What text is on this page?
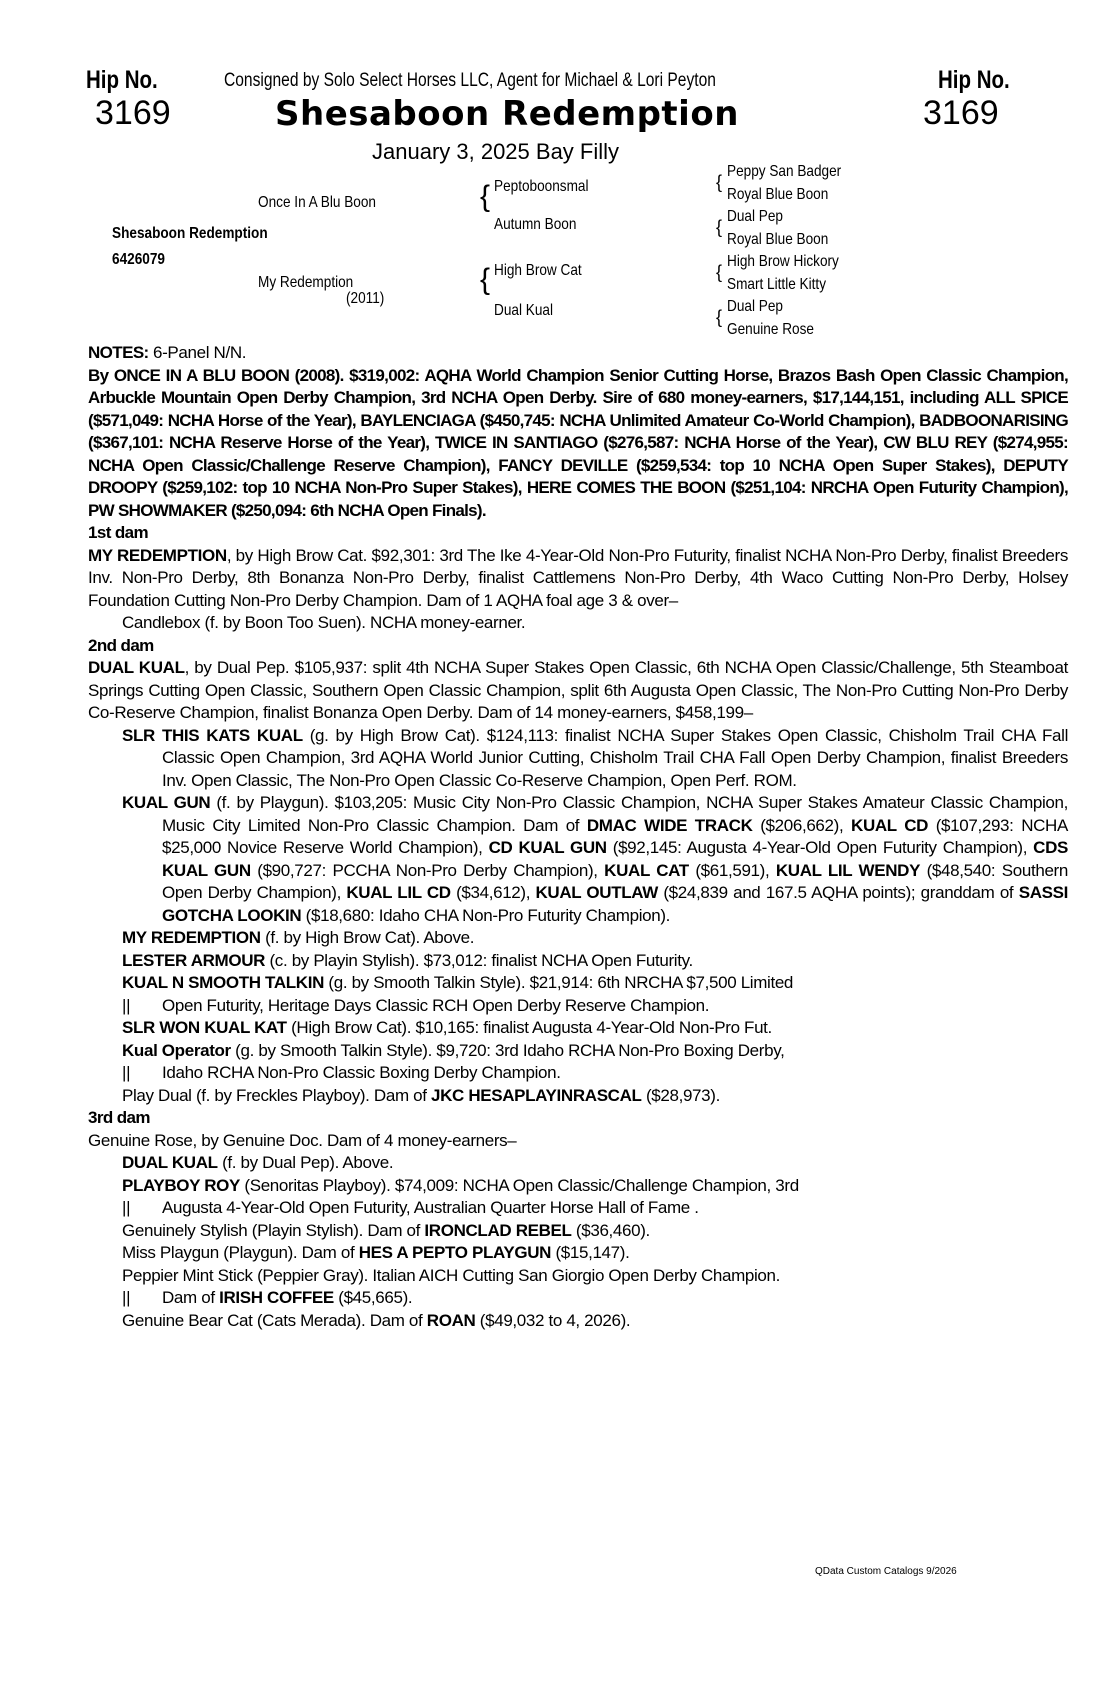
Hip No.
3169
Consigned by Solo Select Horses LLC, Agent for Michael & Lori Peyton
Shesaboon Redemption
Hip No.
3169
January 3, 2025 Bay Filly
Shesaboon Redemption
6426079
Once In A Blu Boon
My Redemption
(2011)
{ Peptoboonsmal
Autumn Boon
{ High Brow Cat
Dual Kual
{
Peppy San Badger
Royal Blue Boon
{
Dual Pep
Royal Blue Boon
{
High Brow Hickory
Smart Little Kitty
{
Dual Pep
Genuine Rose

NOTES: 6-Panel N/N.

By ONCE IN A BLU BOON (2008). $319,002: AQHA World Champion Senior Cutting Horse, Brazos Bash Open Classic Champion, Arbuckle Mountain Open Derby Champion, 3rd NCHA Open Derby. Sire of 680 money-earners, $17,144,151, including ALL SPICE ($571,049: NCHA Horse of the Year), BAYLENCIAGA ($450,745: NCHA Unlimited Amateur Co-World Champion), BADBOONARISING ($367,101: NCHA Reserve Horse of the Year), TWICE IN SANTIAGO ($276,587: NCHA Horse of the Year), CW BLU REY ($274,955: NCHA Open Classic/Challenge Reserve Champion), FANCY DEVILLE ($259,534: top 10 NCHA Open Super Stakes), DEPUTY DROOPY ($259,102: top 10 NCHA Non-Pro Super Stakes), HERE COMES THE BOON ($251,104: NRCHA Open Futurity Champion), PW SHOWMAKER ($250,094: 6th NCHA Open Finals).

1st dam

MY REDEMPTION, by High Brow Cat. $92,301: 3rd The Ike 4-Year-Old Non-Pro Futurity, finalist NCHA Non-Pro Derby, finalist Breeders Inv. Non-Pro Derby, 8th Bonanza Non-Pro Derby, finalist Cattlemens Non-Pro Derby, 4th Waco Cutting Non-Pro Derby, Holsey Foundation Cutting Non-Pro Derby Champion. Dam of 1 AQHA foal age 3 & over–

Candlebox (f. by Boon Too Suen). NCHA money-earner.

2nd dam

DUAL KUAL, by Dual Pep. $105,937: split 4th NCHA Super Stakes Open Classic, 6th NCHA Open Classic/Challenge, 5th Steamboat Springs Cutting Open Classic, Southern Open Classic Champion, split 6th Augusta Open Classic, The Non-Pro Cutting Non-Pro Derby Co-Reserve Champion, finalist Bonanza Open Derby. Dam of 14 money-earners, $458,199–

SLR THIS KATS KUAL (g. by High Brow Cat). $124,113: finalist NCHA Super Stakes Open Classic, Chisholm Trail CHA Fall Classic Open Champion, 3rd AQHA World Junior Cutting, Chisholm Trail CHA Fall Open Derby Champion, finalist Breeders Inv. Open Classic, The Non-Pro Open Classic Co-Reserve Champion, Open Perf. ROM.

KUAL GUN (f. by Playgun). $103,205: Music City Non-Pro Classic Champion, NCHA Super Stakes Amateur Classic Champion, Music City Limited Non-Pro Classic Champion. Dam of DMAC WIDE TRACK ($206,662), KUAL CD ($107,293: NCHA $25,000 Novice Reserve World Champion), CD KUAL GUN ($92,145: Augusta 4-Year-Old Open Futurity Champion), CDS KUAL GUN ($90,727: PCCHA Non-Pro Derby Champion), KUAL CAT ($61,591), KUAL LIL WENDY ($48,540: Southern Open Derby Champion), KUAL LIL CD ($34,612), KUAL OUTLAW ($24,839 and 167.5 AQHA points); granddam of SASSI GOTCHA LOOKIN ($18,680: Idaho CHA Non-Pro Futurity Champion).

MY REDEMPTION (f. by High Brow Cat). Above.

LESTER ARMOUR (c. by Playin Stylish). $73,012: finalist NCHA Open Futurity.

KUAL N SMOOTH TALKIN (g. by Smooth Talkin Style). $21,914: 6th NRCHA $7,500 Limited

|| Open Futurity, Heritage Days Classic RCH Open Derby Reserve Champion.

SLR WON KUAL KAT (High Brow Cat). $10,165: finalist Augusta 4-Year-Old Non-Pro Fut.

Kual Operator (g. by Smooth Talkin Style). $9,720: 3rd Idaho RCHA Non-Pro Boxing Derby,

|| Idaho RCHA Non-Pro Classic Boxing Derby Champion.

Play Dual (f. by Freckles Playboy). Dam of JKC HESAPLAYINRASCAL ($28,973).

3rd dam

Genuine Rose, by Genuine Doc. Dam of 4 money-earners–

DUAL KUAL (f. by Dual Pep). Above.

PLAYBOY ROY (Senoritas Playboy). $74,009: NCHA Open Classic/Challenge Champion, 3rd

|| Augusta 4-Year-Old Open Futurity, Australian Quarter Horse Hall of Fame .

Genuinely Stylish (Playin Stylish). Dam of IRONCLAD REBEL ($36,460).

Miss Playgun (Playgun). Dam of HES A PEPTO PLAYGUN ($15,147).

Peppier Mint Stick (Peppier Gray). Italian AICH Cutting San Giorgio Open Derby Champion.

|| Dam of IRISH COFFEE ($45,665).

Genuine Bear Cat (Cats Merada). Dam of ROAN ($49,032 to 4, 2026).

QData Custom Catalogs 9/2026
